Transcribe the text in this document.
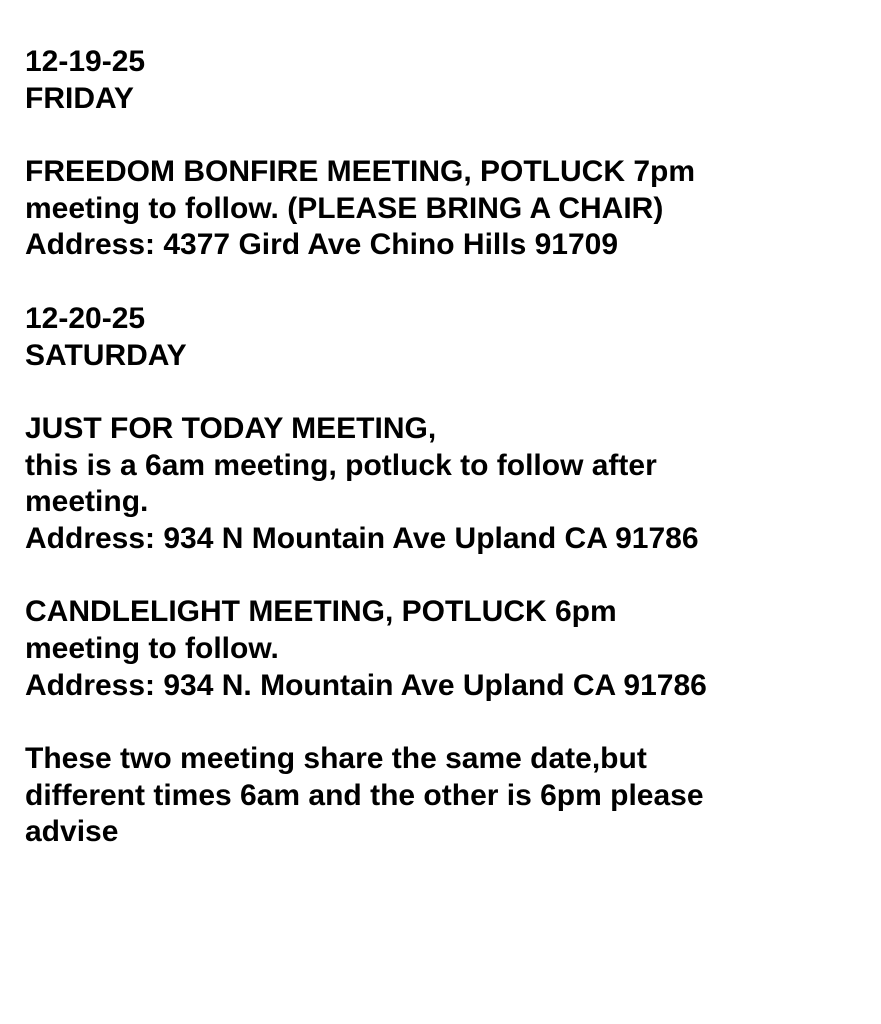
12-19-25
FRIDAY
FREEDOM BONFIRE MEETING, POTLUCK 7pm
meeting to follow. (PLEASE BRING A CHAIR)
Address: 4377 Gird Ave Chino Hills 91709
12-20-25
SATURDAY
JUST FOR TODAY MEETING,
this is a 6am meeting, potluck to follow after
meeting.
Address: 934 N Mountain Ave Upland CA 91786
CANDLELIGHT MEETING, POTLUCK 6pm
meeting to follow.
Address: 934 N. Mountain Ave Upland CA 91786
These two meeting share the same date,but
different times 6am and the other is 6pm please
advise
